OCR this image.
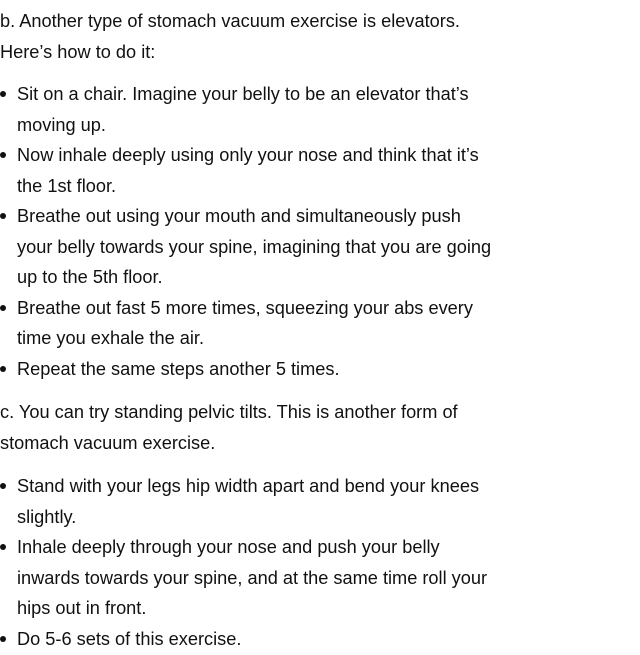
b. Another type of stomach vacuum exercise is elevators. Here’s how to do it:

Sit on a chair. Imagine your belly to be an elevator that’s moving up.
Now inhale deeply using only your nose and think that it’s the 1st floor.
Breathe out using your mouth and simultaneously push your belly towards your spine, imagining that you are going up to the 5th floor.
Breathe out fast 5 more times, squeezing your abs every time you exhale the air.
Repeat the same steps another 5 times.

c. You can try standing pelvic tilts. This is another form of stomach vacuum exercise.

Stand with your legs hip width apart and bend your knees slightly.
Inhale deeply through your nose and push your belly inwards towards your spine, and at the same time roll your hips out in front.
Do 5-6 sets of this exercise.
